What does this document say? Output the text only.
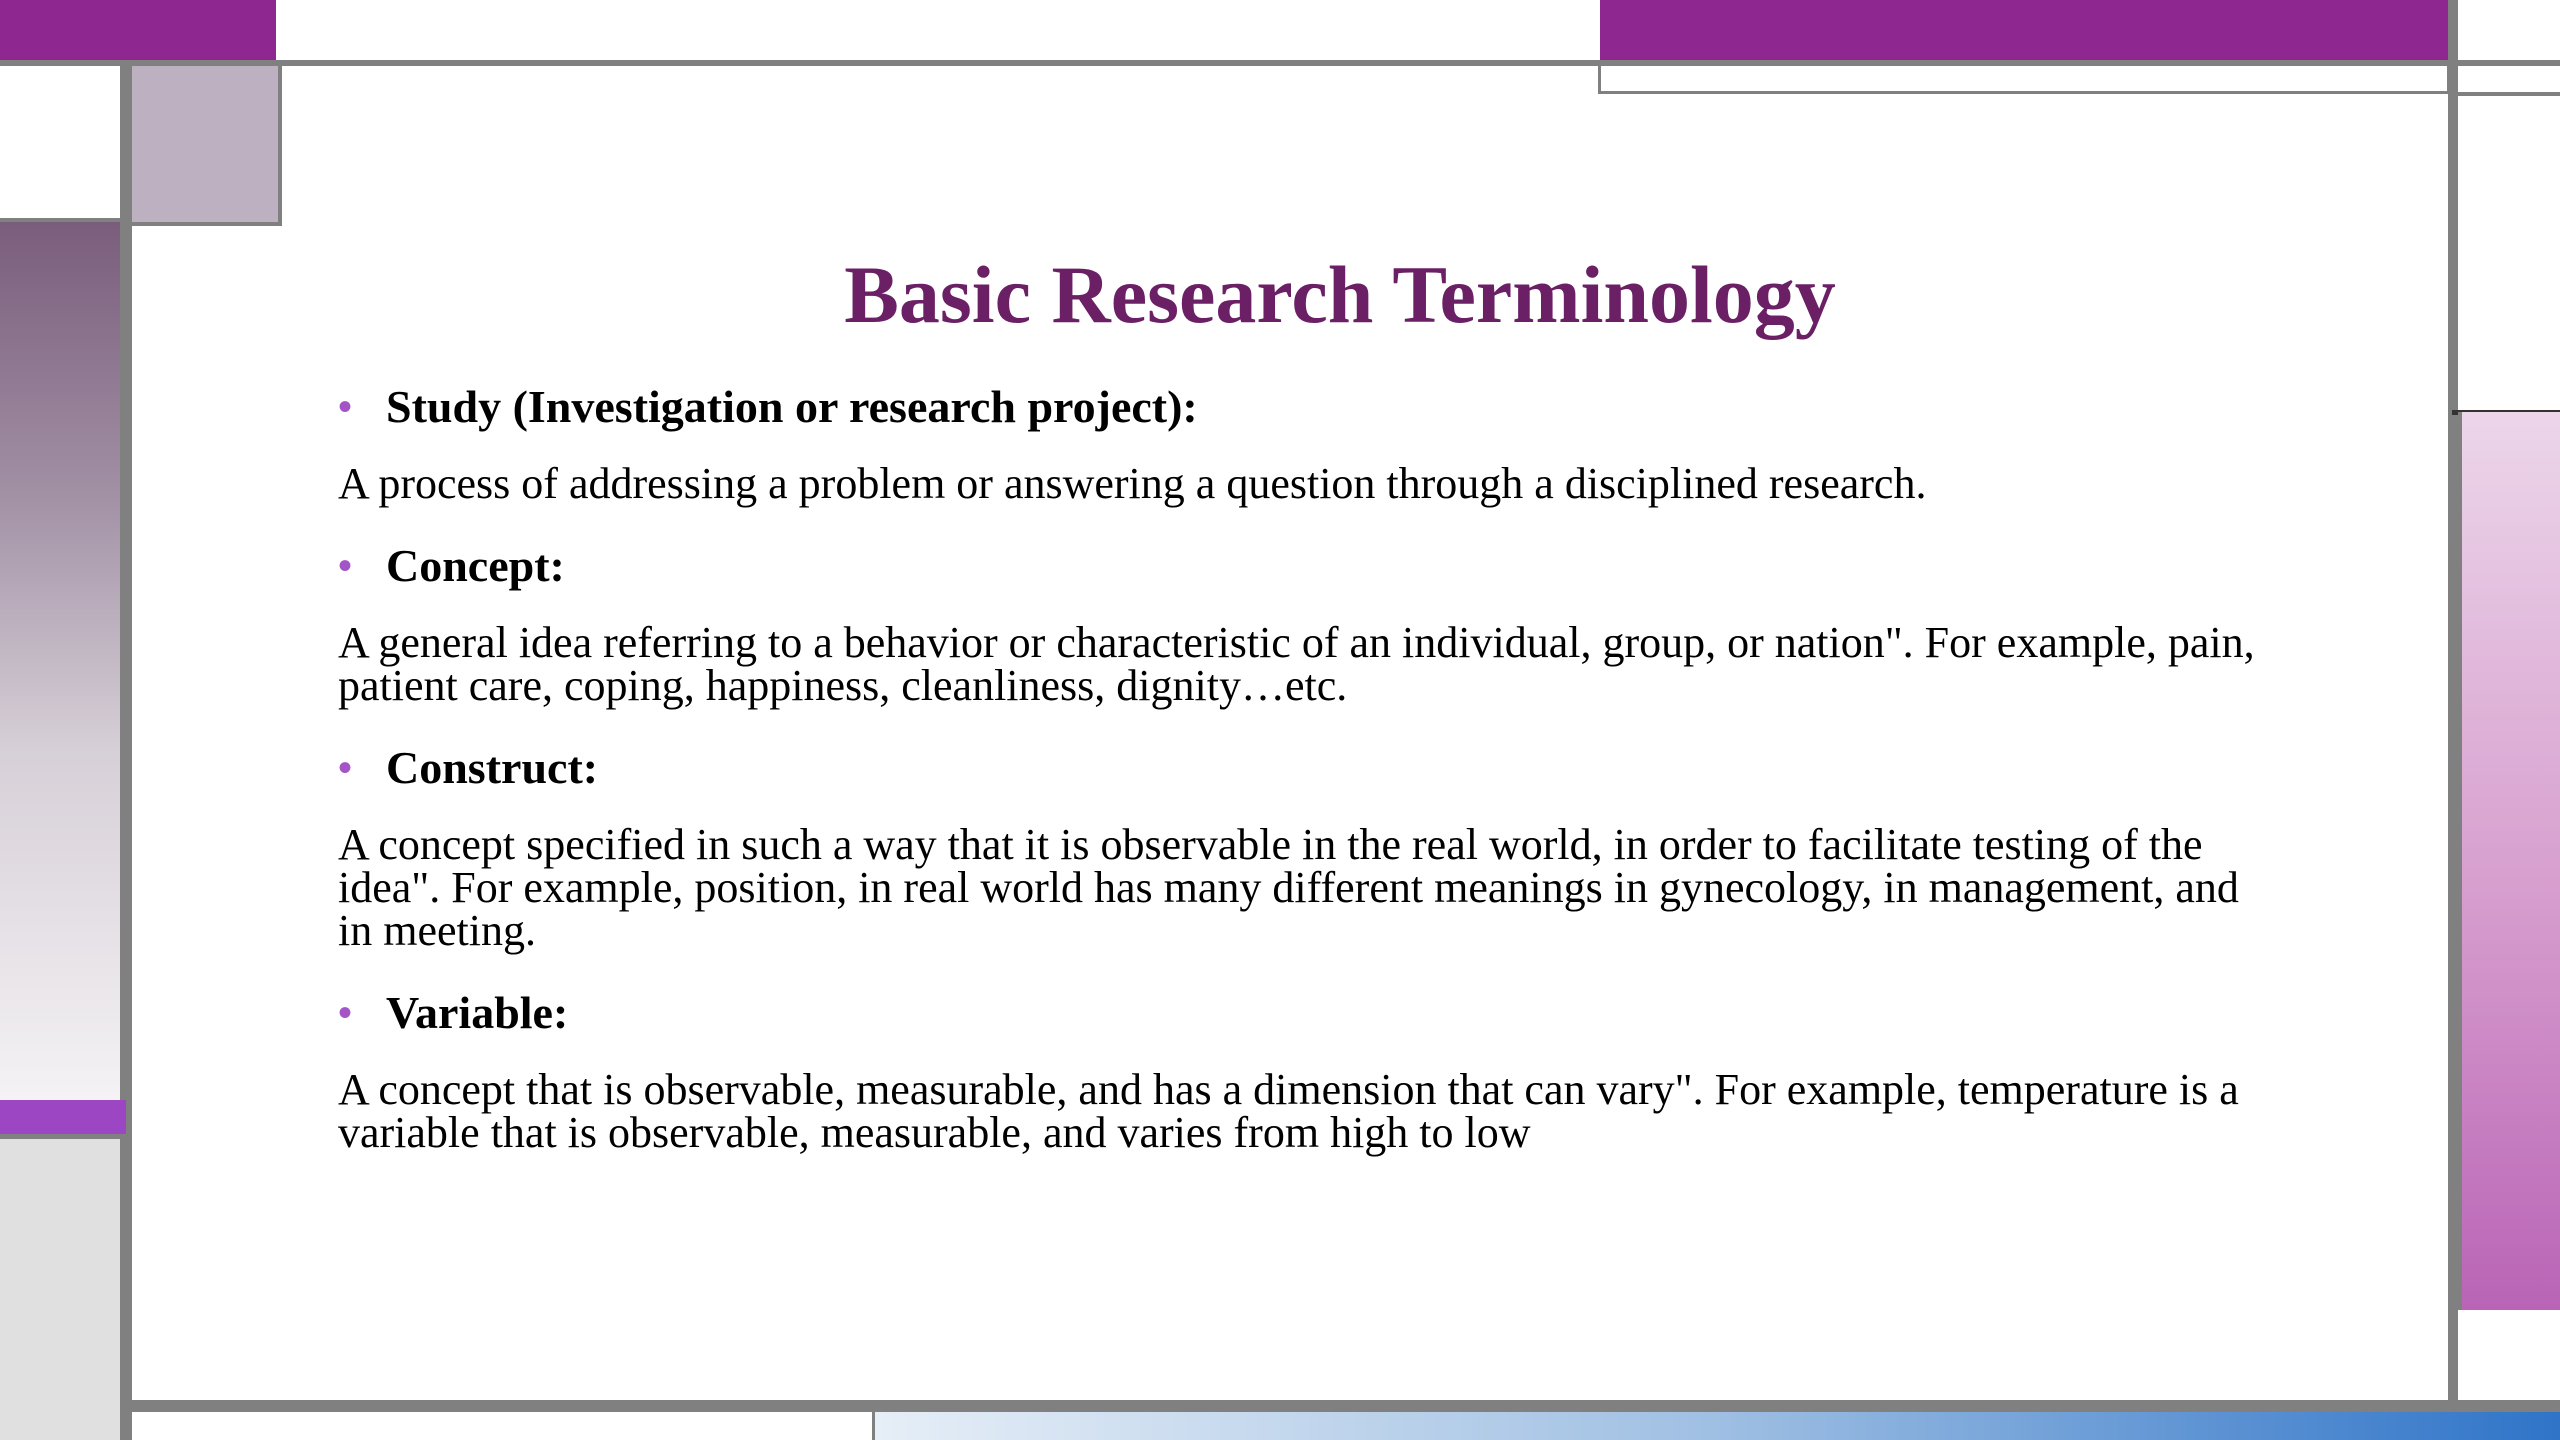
Basic Research Terminology
• Study (Investigation or research project):

A process of addressing a problem or answering a question through a disciplined research.

• Concept:

A general idea referring to a behavior or characteristic of an individual, group, or nation". For example, pain, patient care, coping, happiness, cleanliness, dignity…etc.

• Construct:

A concept specified in such a way that it is observable in the real world, in order to facilitate testing of the idea". For example, position, in real world has many different meanings in gynecology, in management, and in meeting.

• Variable:

A concept that is observable, measurable, and has a dimension that can vary". For example, temperature is a variable that is observable, measurable, and varies from high to low
